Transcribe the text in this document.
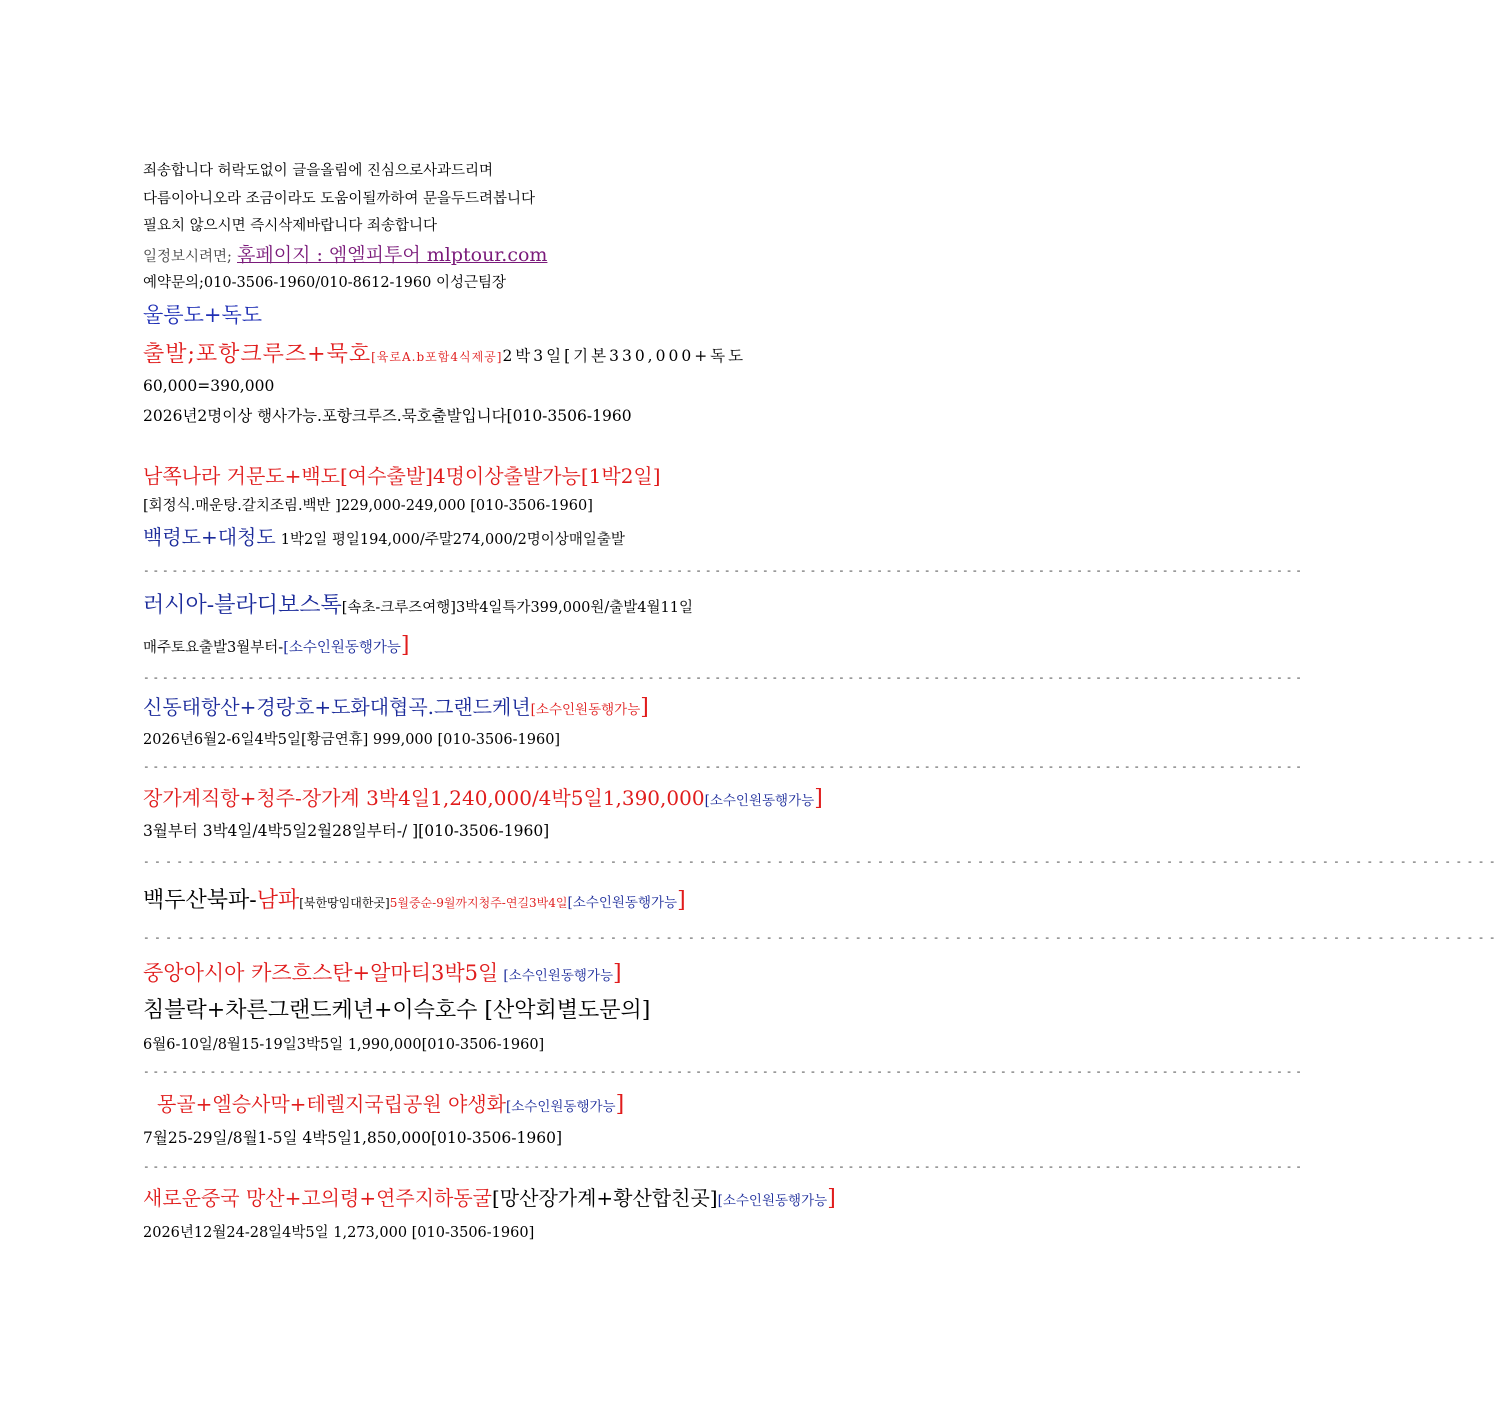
죄송합니다 허락도없이 글을올림에 진심으로사과드리며
다름이아니오라 조금이라도 도움이될까하여 문을두드려봅니다
필요치 않으시면 즉시삭제바랍니다 죄송합니다
일정보시려면; 홈페이지 : 엠엘피투어 mlptour.com
예약문의;010-3506-1960/010-8612-1960 이성근팀장
울릉도+독도
출발;포항크루즈+묵호[육로A.b포함4식제공]2박3일[기본330,000+독도
60,000=390,000
2026년2명이상 행사가능.포항크루즈.묵호출발입니다[010-3506-1960
남쪽나라 거문도+백도[여수출발]4명이상출발가능[1박2일]
[회정식.매운탕.갈치조림.백반 ]229,000-249,000 [010-3506-1960]
백령도+대청도 1박2일 평일194,000/주말274,000/2명이상매일출발
--------------------------------------------------------------------------------------------------------------------------
러시아-블라디보스톡[속초-크루즈여행]3박4일특가399,000원/출발4월11일
매주토요출발3월부터-[소수인원동행가능]
--------------------------------------------------------------------------------------------------------------------------
신동태항산+경랑호+도화대협곡.그랜드케년[소수인원동행가능]
2026년6월2-6일4박5일[황금연휴] 999,000 [010-3506-1960]
--------------------------------------------------------------------------------------------------------------------------
장가계직항+청주-장가계 3박4일1,240,000/4박5일1,390,000[소수인원동행가능]
3월부터 3박4일/4박5일2월28일부터-/ ][010-3506-1960]
--------------------------------------------------------------------------------------------------------------------------
백두산북파-남파[북한땅임대한곳]5월중순-9월까지청주-연길3박4일[소수인원동행가능]
--------------------------------------------------------------------------------------------------------------------------
중앙아시아 카즈흐스탄+알마티3박5일 [소수인원동행가능]
침블락+차른그랜드케년+이슥호수 [산악회별도문의]
6월6-10일/8월15-19일3박5일 1,990,000[010-3506-1960]
--------------------------------------------------------------------------------------------------------------------------
몽골+엘승사막+테렐지국립공원 야생화[소수인원동행가능]
7월25-29일/8월1-5일 4박5일1,850,000[010-3506-1960]
--------------------------------------------------------------------------------------------------------------------------
새로운중국 망산+고의령+연주지하동굴[망산장가계+황산합친곳][소수인원동행가능]
2026년12월24-28일4박5일 1,273,000 [010-3506-1960]
